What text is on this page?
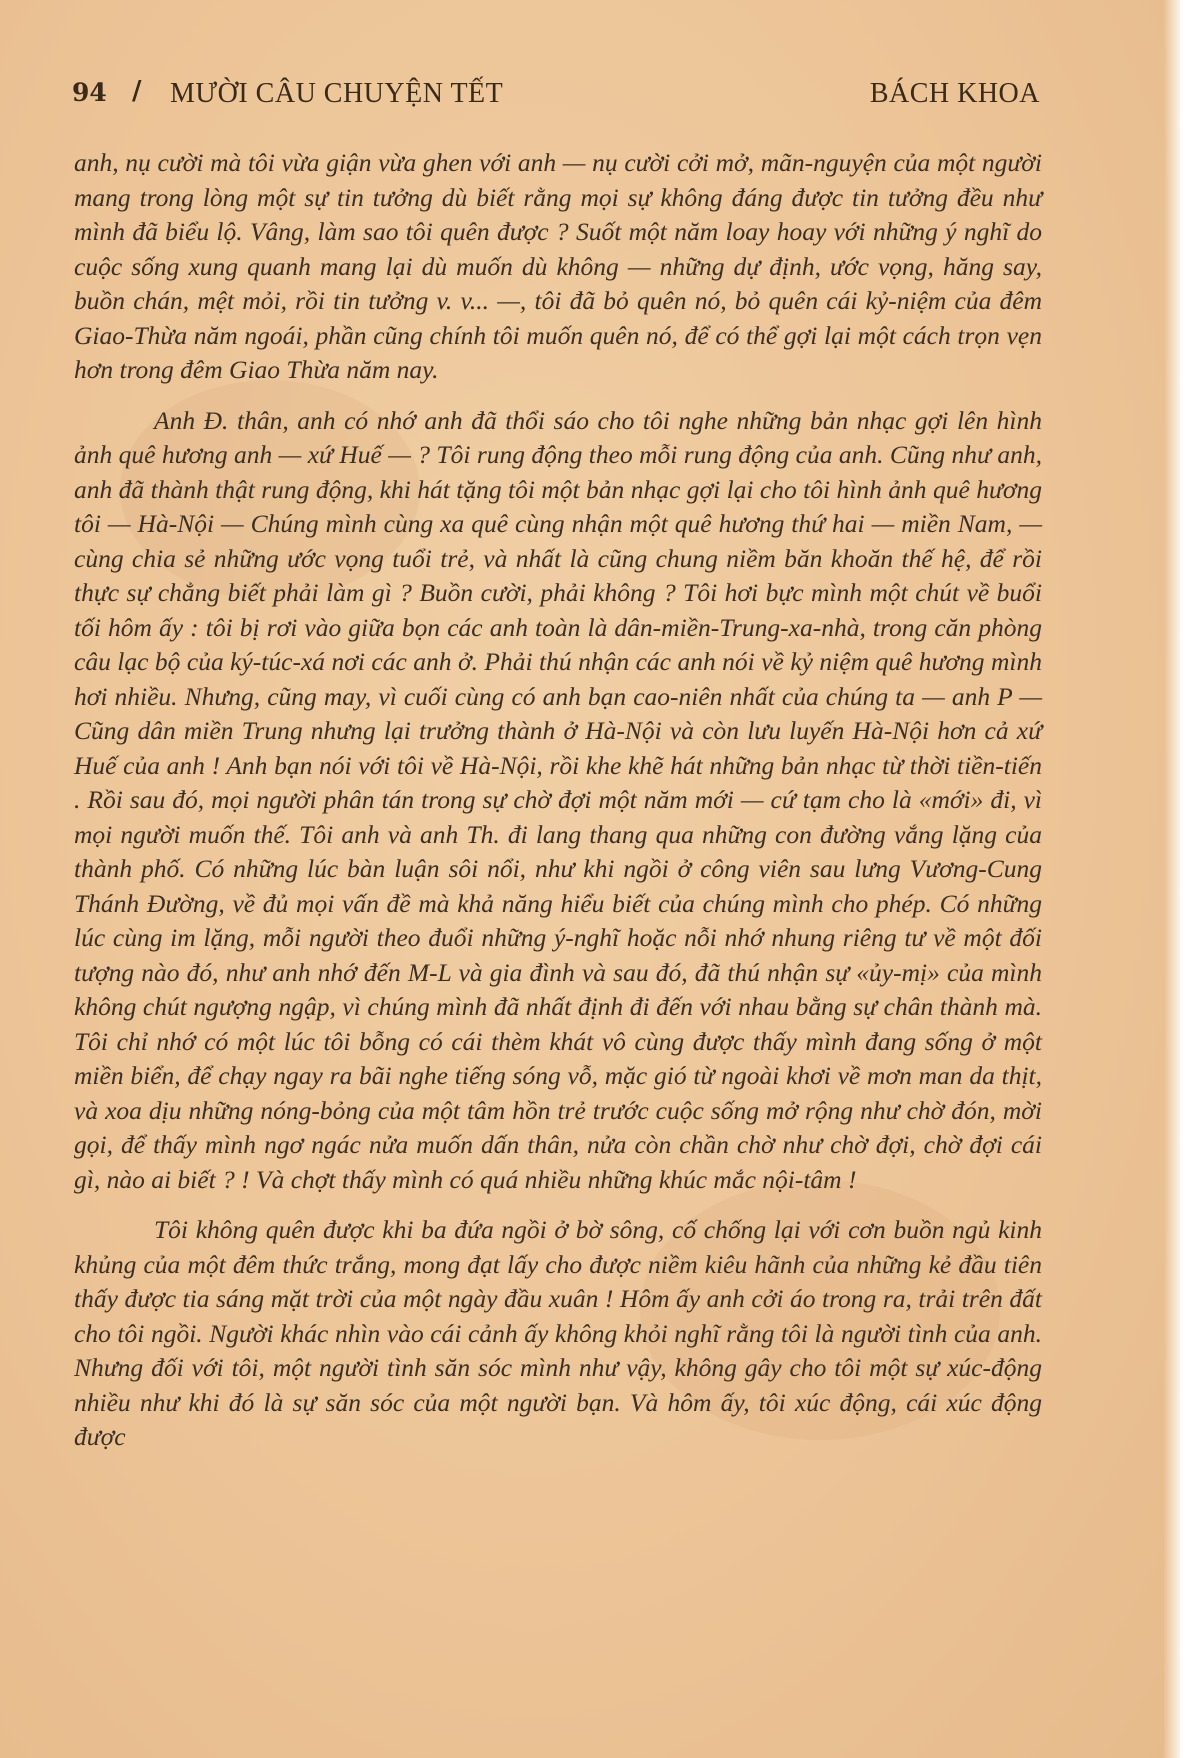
94 / MƯỜI CÂU CHUYỆN TẾT	BÁCH KHOA

anh, nụ cười mà tôi vừa giận vừa ghen với anh — nụ cười cởi mở, mãn-nguyện của một người mang trong lòng một sự tin tưởng dù biết rằng mọi sự không đáng được tin tưởng đều như mình đã biểu lộ. Vâng, làm sao tôi quên được ? Suốt một năm loay hoay với những ý nghĩ do cuộc sống xung quanh mang lại dù muốn dù không — những dự định, ước vọng, hăng say, buồn chán, mệt mỏi, rồi tin tưởng v. v... —, tôi đã bỏ quên nó, bỏ quên cái kỷ-niệm của đêm Giao-Thừa năm ngoái, phần cũng chính tôi muốn quên nó, để có thể gợi lại một cách trọn vẹn hơn trong đêm Giao Thừa năm nay.

Anh Đ. thân, anh có nhớ anh đã thổi sáo cho tôi nghe những bản nhạc gợi lên hình ảnh quê hương anh — xứ Huế — ? Tôi rung động theo mỗi rung động của anh. Cũng như anh, anh đã thành thật rung động, khi hát tặng tôi một bản nhạc gợi lại cho tôi hình ảnh quê hương tôi — Hà-Nội — Chúng mình cùng xa quê cùng nhận một quê hương thứ hai — miền Nam, — cùng chia sẻ những ước vọng tuổi trẻ, và nhất là cũng chung niềm băn khoăn thế hệ, để rồi thực sự chẳng biết phải làm gì ? Buồn cười, phải không ? Tôi hơi bực mình một chút về buổi tối hôm ấy : tôi bị rơi vào giữa bọn các anh toàn là dân-miền-Trung-xa-nhà, trong căn phòng câu lạc bộ của ký-túc-xá nơi các anh ở. Phải thú nhận các anh nói về kỷ niệm quê hương mình hơi nhiều. Nhưng, cũng may, vì cuối cùng có anh bạn cao-niên nhất của chúng ta — anh P — Cũng dân miền Trung nhưng lại trưởng thành ở Hà-Nội và còn lưu luyến Hà-Nội hơn cả xứ Huế của anh ! Anh bạn nói với tôi về Hà-Nội, rồi khe khẽ hát những bản nhạc từ thời tiền-tiến . Rồi sau đó, mọi người phân tán trong sự chờ đợi một năm mới — cứ tạm cho là «mới» đi, vì mọi người muốn thế. Tôi anh và anh Th. đi lang thang qua những con đường vắng lặng của thành phố. Có những lúc bàn luận sôi nổi, như khi ngồi ở công viên sau lưng Vương-Cung Thánh Đường, về đủ mọi vấn đề mà khả năng hiểu biết của chúng mình cho phép. Có những lúc cùng im lặng, mỗi người theo đuổi những ý-nghĩ hoặc nỗi nhớ nhung riêng tư về một đối tượng nào đó, như anh nhớ đến M-L và gia đình và sau đó, đã thú nhận sự «ủy-mị» của mình không chút ngượng ngập, vì chúng mình đã nhất định đi đến với nhau bằng sự chân thành mà. Tôi chỉ nhớ có một lúc tôi bỗng có cái thèm khát vô cùng được thấy mình đang sống ở một miền biển, để chạy ngay ra bãi nghe tiếng sóng vỗ, mặc gió từ ngoài khơi về mơn man da thịt, và xoa dịu những nóng-bỏng của một tâm hồn trẻ trước cuộc sống mở rộng như chờ đón, mời gọi, để thấy mình ngơ ngác nửa muốn dấn thân, nửa còn chần chờ như chờ đợi, chờ đợi cái gì, nào ai biết ? ! Và chợt thấy mình có quá nhiều những khúc mắc nội-tâm !

Tôi không quên được khi ba đứa ngồi ở bờ sông, cố chống lại với cơn buồn ngủ kinh khủng của một đêm thức trắng, mong đạt lấy cho được niềm kiêu hãnh của những kẻ đầu tiên thấy được tia sáng mặt trời của một ngày đầu xuân ! Hôm ấy anh cởi áo trong ra, trải trên đất cho tôi ngồi. Người khác nhìn vào cái cảnh ấy không khỏi nghĩ rằng tôi là người tình của anh. Nhưng đối với tôi, một người tình săn sóc mình như vậy, không gây cho tôi một sự xúc-động nhiều như khi đó là sự săn sóc của một người bạn. Và hôm ấy, tôi xúc động, cái xúc động được
